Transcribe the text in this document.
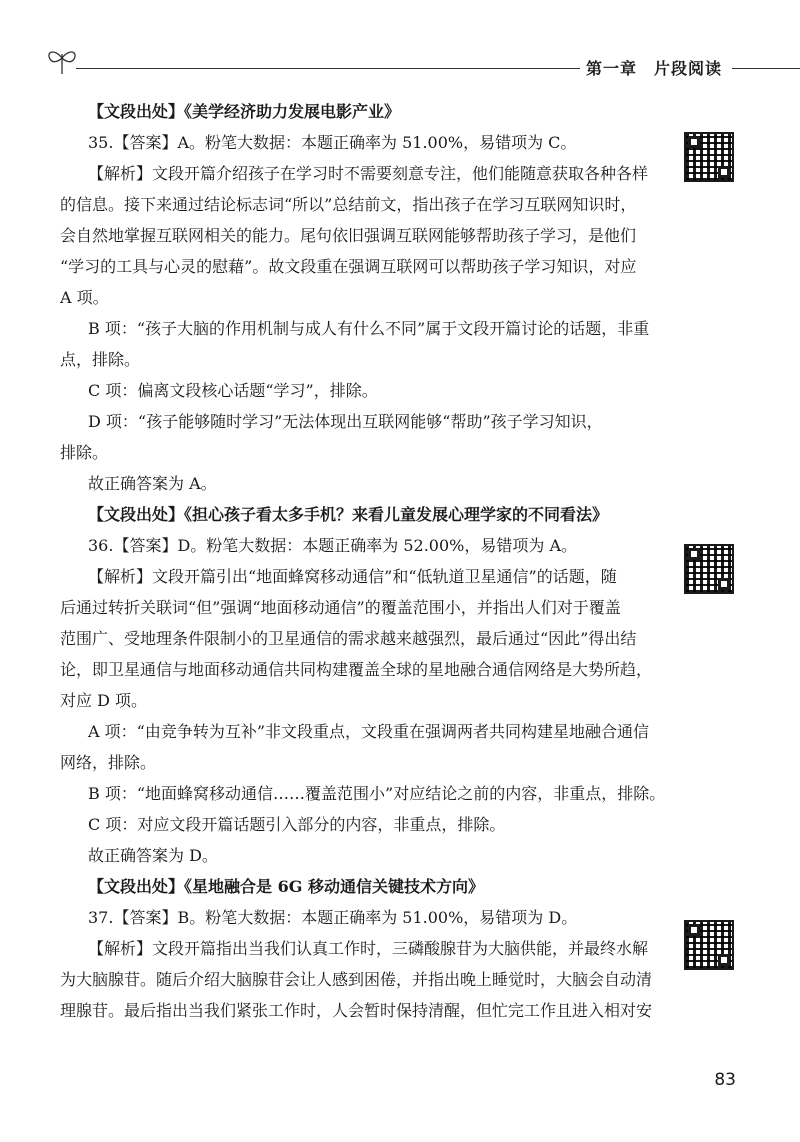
第一章　片段阅读
【文段出处】《美学经济助力发展电影产业》
35.【答案】A。粉笔大数据：本题正确率为 51.00%，易错项为 C。
【解析】文段开篇介绍孩子在学习时不需要刻意专注，他们能随意获取各种各样
的信息。接下来通过结论标志词“所以”总结前文，指出孩子在学习互联网知识时，
会自然地掌握互联网相关的能力。尾句依旧强调互联网能够帮助孩子学习，是他们
“学习的工具与心灵的慰藉”。故文段重在强调互联网可以帮助孩子学习知识，对应
A 项。
B 项：“孩子大脑的作用机制与成人有什么不同”属于文段开篇讨论的话题，非重
点，排除。
C 项：偏离文段核心话题“学习”，排除。
D 项：“孩子能够随时学习”无法体现出互联网能够“帮助”孩子学习知识，
排除。
故正确答案为 A。
【文段出处】《担心孩子看太多手机？来看儿童发展心理学家的不同看法》
36.【答案】D。粉笔大数据：本题正确率为 52.00%，易错项为 A。
【解析】文段开篇引出“地面蜂窝移动通信”和“低轨道卫星通信”的话题，随
后通过转折关联词“但”强调“地面移动通信”的覆盖范围小，并指出人们对于覆盖
范围广、受地理条件限制小的卫星通信的需求越来越强烈，最后通过“因此”得出结
论，即卫星通信与地面移动通信共同构建覆盖全球的星地融合通信网络是大势所趋，
对应 D 项。
A 项：“由竞争转为互补”非文段重点，文段重在强调两者共同构建星地融合通信
网络，排除。
B 项：“地面蜂窝移动通信……覆盖范围小”对应结论之前的内容，非重点，排除。
C 项：对应文段开篇话题引入部分的内容，非重点，排除。
故正确答案为 D。
【文段出处】《星地融合是 6G 移动通信关键技术方向》
37.【答案】B。粉笔大数据：本题正确率为 51.00%，易错项为 D。
【解析】文段开篇指出当我们认真工作时，三磷酸腺苷为大脑供能，并最终水解
为大脑腺苷。随后介绍大脑腺苷会让人感到困倦，并指出晚上睡觉时，大脑会自动清
理腺苷。最后指出当我们紧张工作时，人会暂时保持清醒，但忙完工作且进入相对安
83
